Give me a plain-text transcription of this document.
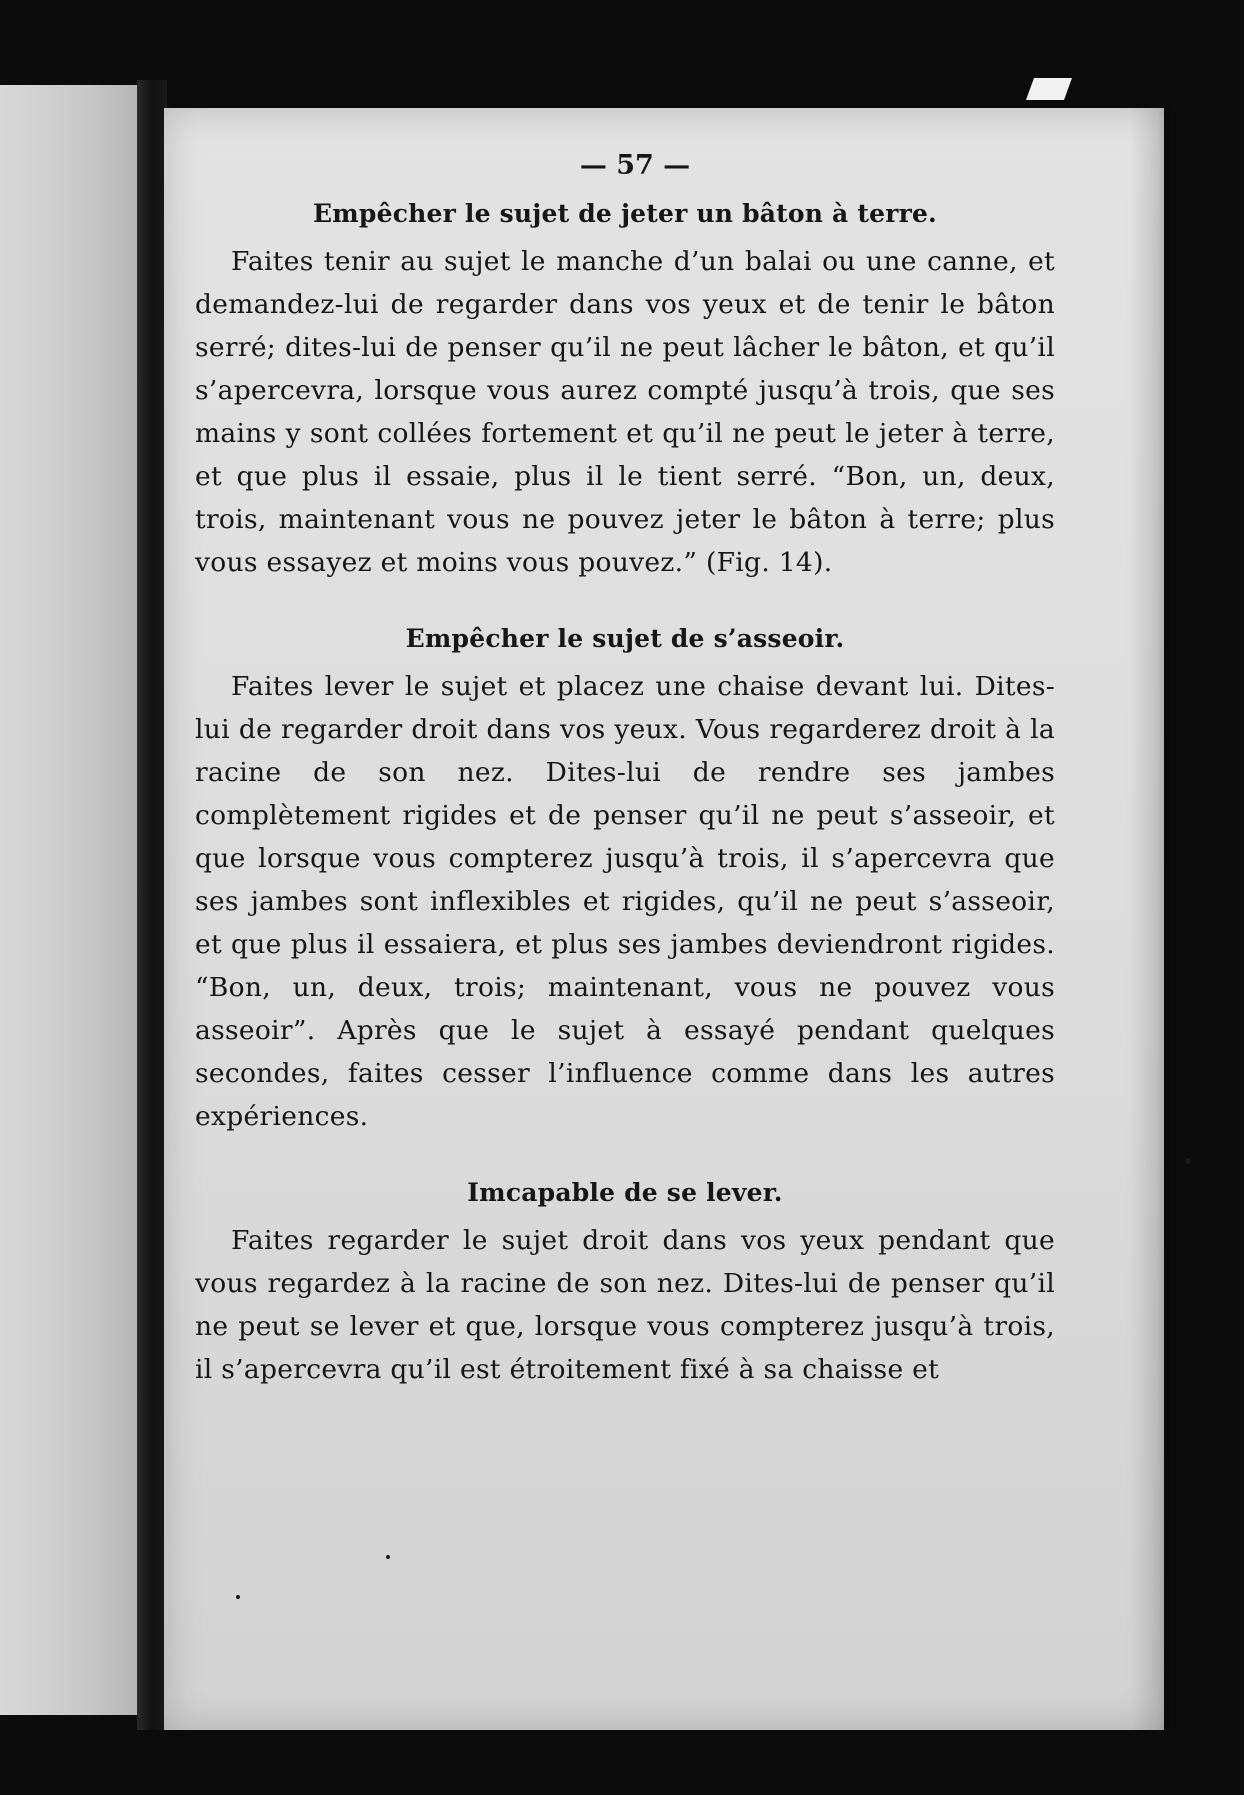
— 57 —
Empêcher le sujet de jeter un bâton à terre.

Faites tenir au sujet le manche d’un balai ou une canne, et demandez-lui de regarder dans vos yeux et de tenir le bâton serré; dites-lui de penser qu’il ne peut lâcher le bâton, et qu’il s’apercevra, lorsque vous aurez compté jusqu’à trois, que ses mains y sont collées fortement et qu’il ne peut le jeter à terre, et que plus il essaie, plus il le tient serré. “Bon, un, deux, trois, maintenant vous ne pouvez jeter le bâton à terre; plus vous essayez et moins vous pouvez.” (Fig. 14).

Empêcher le sujet de s’asseoir.

Faites lever le sujet et placez une chaise devant lui. Dites-lui de regarder droit dans vos yeux. Vous regarderez droit à la racine de son nez. Dites-lui de rendre ses jambes complètement rigides et de penser qu’il ne peut s’asseoir, et que lorsque vous compterez jusqu’à trois, il s’apercevra que ses jambes sont inflexibles et rigides, qu’il ne peut s’asseoir, et que plus il essaiera, et plus ses jambes deviendront rigides. “Bon, un, deux, trois; maintenant, vous ne pouvez vous asseoir”. Après que le sujet à essayé pendant quelques secondes, faites cesser l’influence comme dans les autres expériences.

Imcapable de se lever.

Faites regarder le sujet droit dans vos yeux pendant que vous regardez à la racine de son nez. Dites-lui de penser qu’il ne peut se lever et que, lorsque vous compterez jusqu’à trois, il s’apercevra qu’il est étroitement fixé à sa chaisse et
